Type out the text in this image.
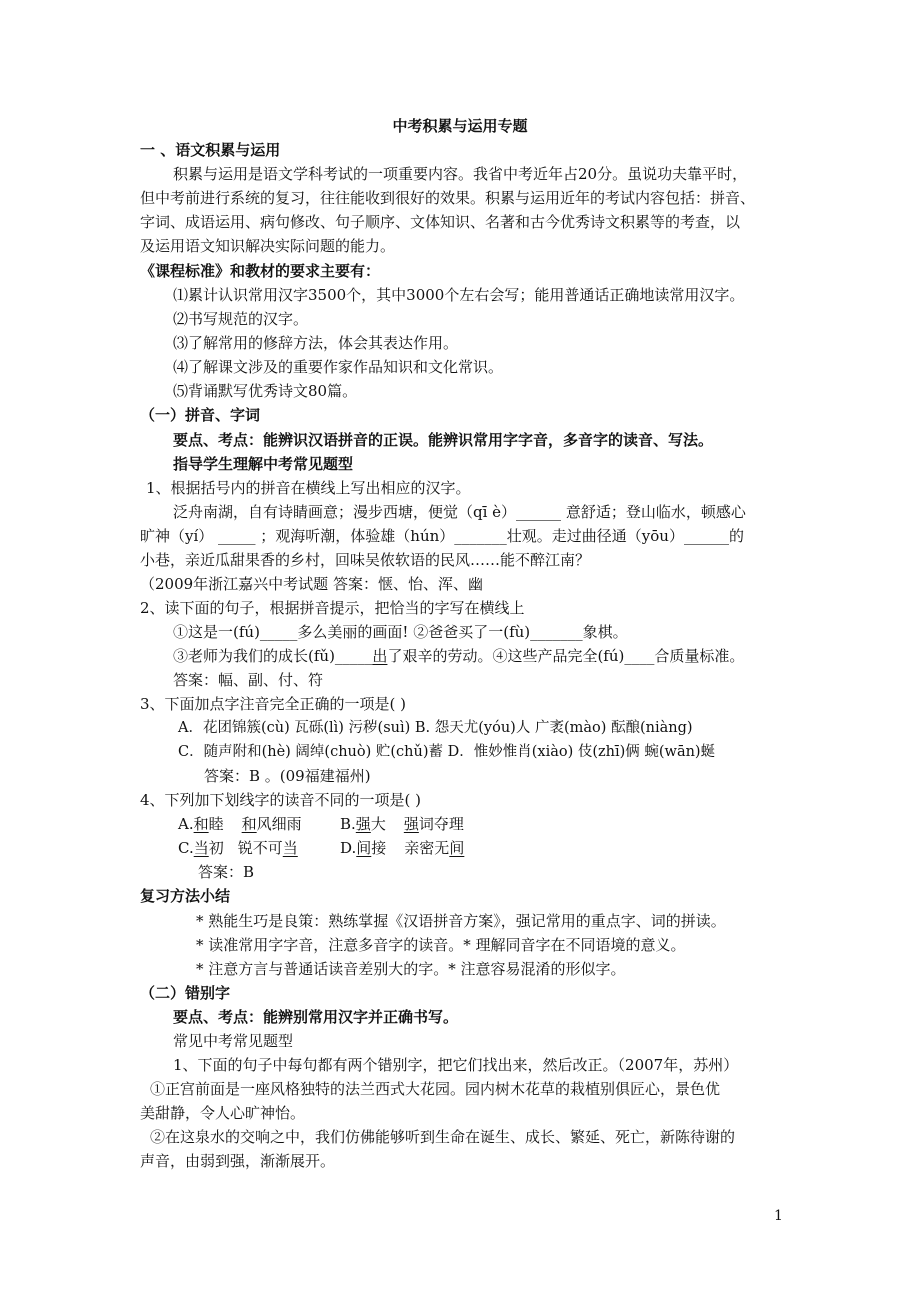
中考积累与运用专题
一 、语文积累与运用
积累与运用是语文学科考试的一项重要内容。我省中考近年占20分。虽说功夫靠平时，
但中考前进行系统的复习，往往能收到很好的效果。积累与运用近年的考试内容包括：拼音、
字词、成语运用、病句修改、句子顺序、文体知识、名著和古今优秀诗文积累等的考查，以
及运用语文知识解决实际问题的能力。
《课程标准》和教材的要求主要有：
⑴累计认识常用汉字3500个，其中3000个左右会写；能用普通话正确地读常用汉字。
⑵书写规范的汉字。
⑶了解常用的修辞方法，体会其表达作用。
⑷了解课文涉及的重要作家作品知识和文化常识。
⑸背诵默写优秀诗文80篇。
（一）拼音、字词
要点、考点：能辨识汉语拼音的正误。能辨识常用字字音，多音字的读音、写法。
指导学生理解中考常见题型
1、根据括号内的拼音在横线上写出相应的汉字。
泛舟南湖，自有诗睛画意；漫步西塘，便觉（qī è）______ 意舒适；登山临水，顿感心
旷神（yí） _____ ；观海听潮，体验雄（hún）_______壮观。走过曲径通（yōu）______的
小巷，亲近瓜甜果香的乡村，回味吴侬软语的民风……能不醉江南？
（2009年浙江嘉兴中考试题 答案：惬、怡、浑、幽
2、读下面的句子，根据拼音提示，把恰当的字写在横线上
①这是一(fú)_____多么美丽的画面! ②爸爸买了一(fù)_______象棋。
③老师为我们的成长(fǔ)_____出了艰辛的劳动。④这些产品完全(fú)____合质量标准。
答案：幅、副、付、符
3、下面加点字注音完全正确的一项是( )
A．花团锦簇(cù) 瓦砾(lì) 污秽(suì) B. 怨天尤(yóu)人 广袤(mào) 酝酿(niàng)
C．随声附和(hè) 阔绰(chuò) 贮(chǔ)蓄 D．惟妙惟肖(xiào) 伎(zhī)俩 蜿(wān)蜒
答案：B 。(09福建福州)
4、下列加下划线字的读音不同的一项是( )
A.和睦 和风细雨	B.强大 强词夺理
C.当初 锐不可当	D.间接 亲密无间
答案：B
复习方法小结
* 熟能生巧是良策：熟练掌握《汉语拼音方案》，强记常用的重点字、词的拼读。
* 读准常用字字音，注意多音字的读音。* 理解同音字在不同语境的意义。
* 注意方言与普通话读音差别大的字。* 注意容易混淆的形似字。
（二）错别字
要点、考点：能辨别常用汉字并正确书写。
常见中考常见题型
1、下面的句子中每句都有两个错别字，把它们找出来，然后改正。（2007年，苏州）
①正宫前面是一座风格独特的法兰西式大花园。园内树木花草的栽植别俱匠心，景色优
美甜静，令人心旷神怡。
②在这泉水的交响之中，我们仿佛能够听到生命在诞生、成长、繁延、死亡，新陈待谢的
声音，由弱到强，渐渐展开。
1
